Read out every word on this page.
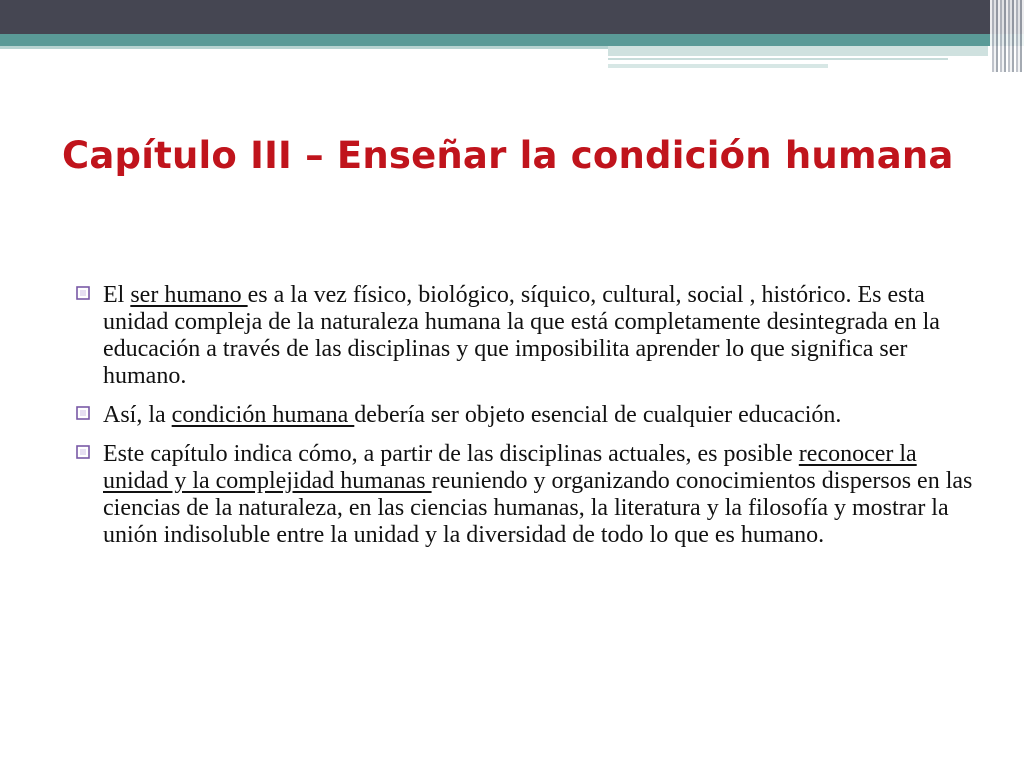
Capítulo III – Enseñar la condición humana
El ser humano es a la vez físico, biológico, síquico, cultural, social , histórico. Es esta unidad compleja de la naturaleza humana la que está completamente desintegrada en la educación a través de las disciplinas y que imposibilita aprender lo que significa ser humano.
Así, la condición humana debería ser objeto esencial de cualquier educación.
Este capítulo indica cómo, a partir de las disciplinas actuales, es posible reconocer la unidad y la complejidad humanas reuniendo y organizando conocimientos dispersos en las ciencias de la naturaleza, en las ciencias humanas, la literatura y la filosofía y mostrar la unión indisoluble entre la unidad y la diversidad de todo lo que es humano.
